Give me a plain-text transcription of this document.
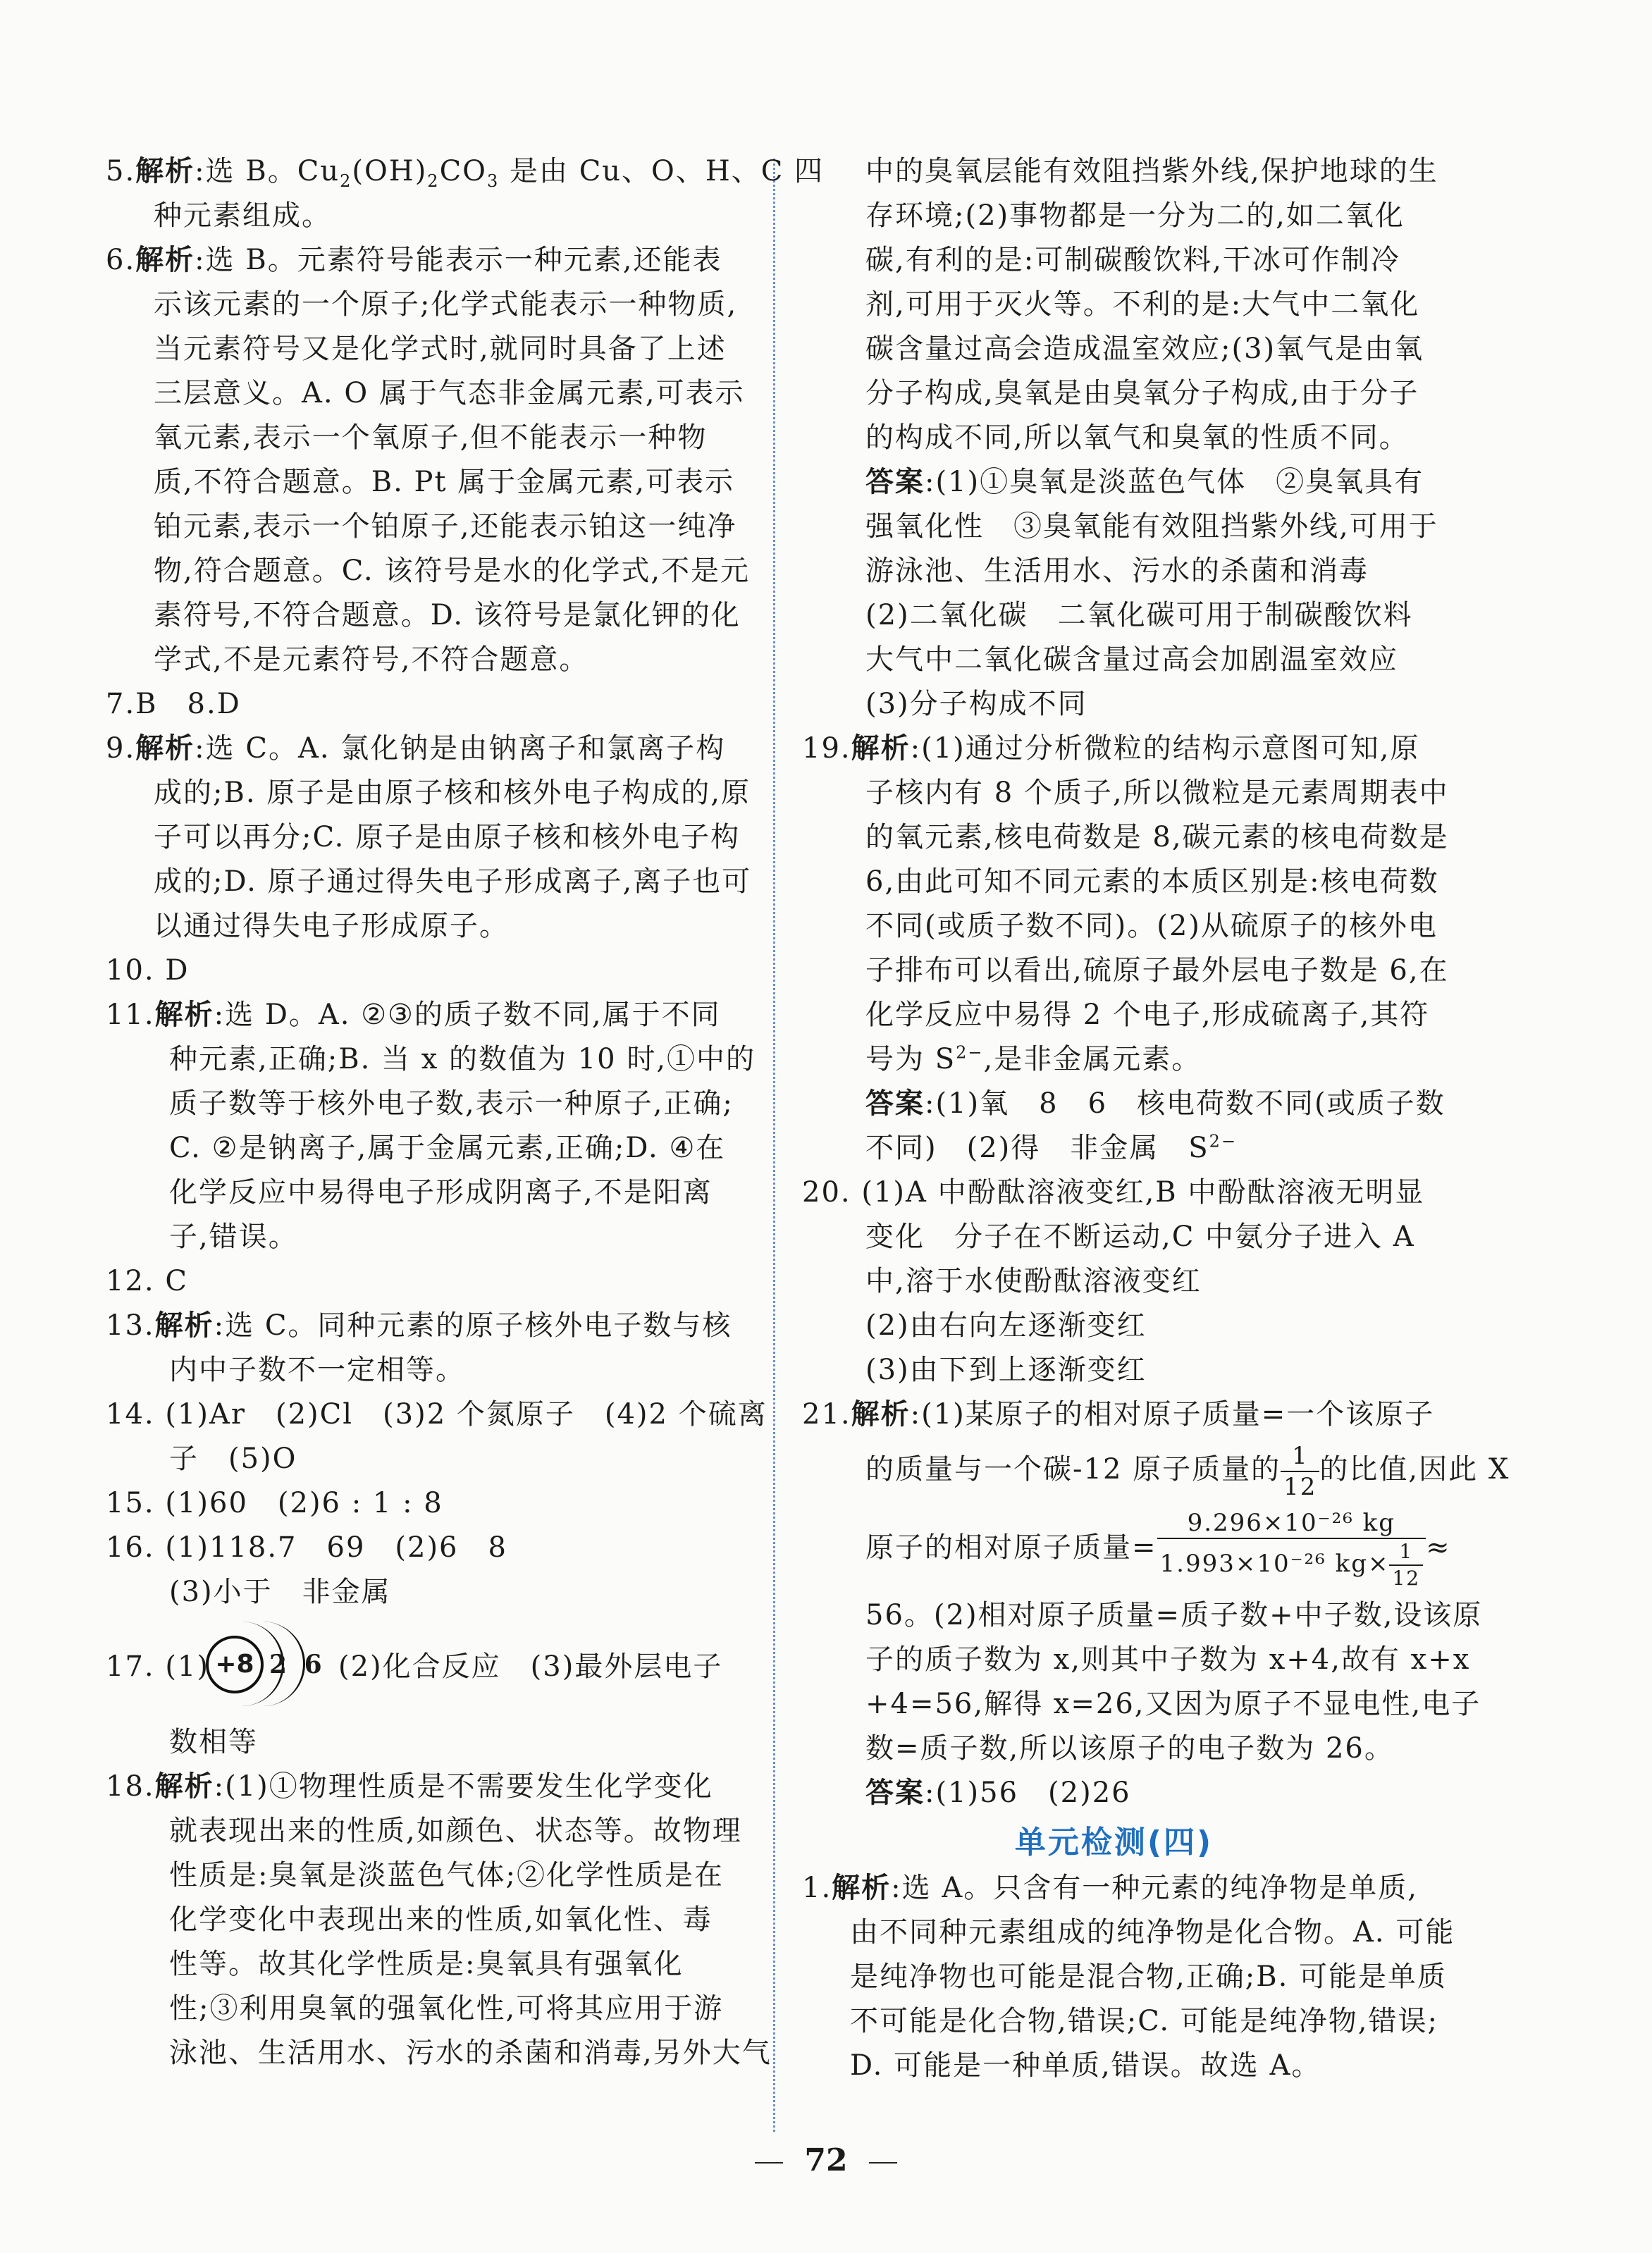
5.解析:选 B。$Cu_2(OH)_2CO_3$ 是由 Cu、O、H、C 四
种元素组成。
6.解析:选 B。元素符号能表示一种元素,还能表
示该元素的一个原子;化学式能表示一种物质,
当元素符号又是化学式时,就同时具备了上述
三层意义。A. O 属于气态非金属元素,可表示
氧元素,表示一个氧原子,但不能表示一种物
质,不符合题意。B. Pt 属于金属元素,可表示
铂元素,表示一个铂原子,还能表示铂这一纯净
物,符合题意。C. 该符号是水的化学式,不是元
素符号,不符合题意。D. 该符号是氯化钾的化
学式,不是元素符号,不符合题意。
7.B　8.D
9.解析:选 C。A. 氯化钠是由钠离子和氯离子构
成的;B. 原子是由原子核和核外电子构成的,原
子可以再分;C. 原子是由原子核和核外电子构
成的;D. 原子通过得失电子形成离子,离子也可
以通过得失电子形成原子。
10. D
11.解析:选 D。A. ②③的质子数不同,属于不同
种元素,正确;B. 当 x 的数值为 10 时,①中的
质子数等于核外电子数,表示一种原子,正确;
C. ②是钠离子,属于金属元素,正确;D. ④在
化学反应中易得电子形成阴离子,不是阳离
子,错误。
12. C
13.解析:选 C。同种元素的原子核外电子数与核
内中子数不一定相等。
14. (1)Ar　(2)Cl　(3)2 个氮原子　(4)2 个硫离
子　(5)O
15. (1)60　(2)6 : 1 : 8
16. (1)118.7　69　(2)6　8
(3)小于　非金属
17. (1) +8 2 6 (2)化合反应　(3)最外层电子
数相等
18.解析:(1)①物理性质是不需要发生化学变化
就表现出来的性质,如颜色、状态等。故物理
性质是:臭氧是淡蓝色气体;②化学性质是在
化学变化中表现出来的性质,如氧化性、毒
性等。故其化学性质是:臭氧具有强氧化
性;③利用臭氧的强氧化性,可将其应用于游
泳池、生活用水、污水的杀菌和消毒,另外大气
中的臭氧层能有效阻挡紫外线,保护地球的生
存环境;(2)事物都是一分为二的,如二氧化
碳,有利的是:可制碳酸饮料,干冰可作制冷
剂,可用于灭火等。不利的是:大气中二氧化
碳含量过高会造成温室效应;(3)氧气是由氧
分子构成,臭氧是由臭氧分子构成,由于分子
的构成不同,所以氧气和臭氧的性质不同。
答案:(1)①臭氧是淡蓝色气体　②臭氧具有
强氧化性　③臭氧能有效阻挡紫外线,可用于
游泳池、生活用水、污水的杀菌和消毒
(2)二氧化碳　二氧化碳可用于制碳酸饮料
大气中二氧化碳含量过高会加剧温室效应
(3)分子构成不同
19.解析:(1)通过分析微粒的结构示意图可知,原
子核内有 8 个质子,所以微粒是元素周期表中
的氧元素,核电荷数是 8,碳元素的核电荷数是
6,由此可知不同元素的本质区别是:核电荷数
不同(或质子数不同)。(2)从硫原子的核外电
子排布可以看出,硫原子最外层电子数是 6,在
化学反应中易得 2 个电子,形成硫离子,其符
号为 $S^{2-}$,是非金属元素。
答案:(1)氧　8　6　核电荷数不同(或质子数
不同)　(2)得　非金属　$S^{2-}$
20. (1)A 中酚酞溶液变红,B 中酚酞溶液无明显
变化　分子在不断运动,C 中氨分子进入 A
中,溶于水使酚酞溶液变红
(2)由右向左逐渐变红
(3)由下到上逐渐变红
21.解析:(1)某原子的相对原子质量=一个该原子
的质量与一个碳-12 原子质量的 $\frac{1}{12}$ 的比值,因此 X
原子的相对原子质量= $\frac{\text{9.296×10⁻²⁶ kg}}{1.993\times 10^{-26} kg\times \frac{1}{12}}$ ≈
56。(2)相对原子质量=质子数+中子数,设该原
子的质子数为 x,则其中子数为 x+4,故有 x+x
+4=56,解得 x=26,又因为原子不显电性,电子
数=质子数,所以该原子的电子数为 26。
答案:(1)56　(2)26
单元检测(四)
1.解析:选 A。只含有一种元素的纯净物是单质,
由不同种元素组成的纯净物是化合物。A. 可能
是纯净物也可能是混合物,正确;B. 可能是单质
不可能是化合物,错误;C. 可能是纯净物,错误;
D. 可能是一种单质,错误。故选 A。
72
